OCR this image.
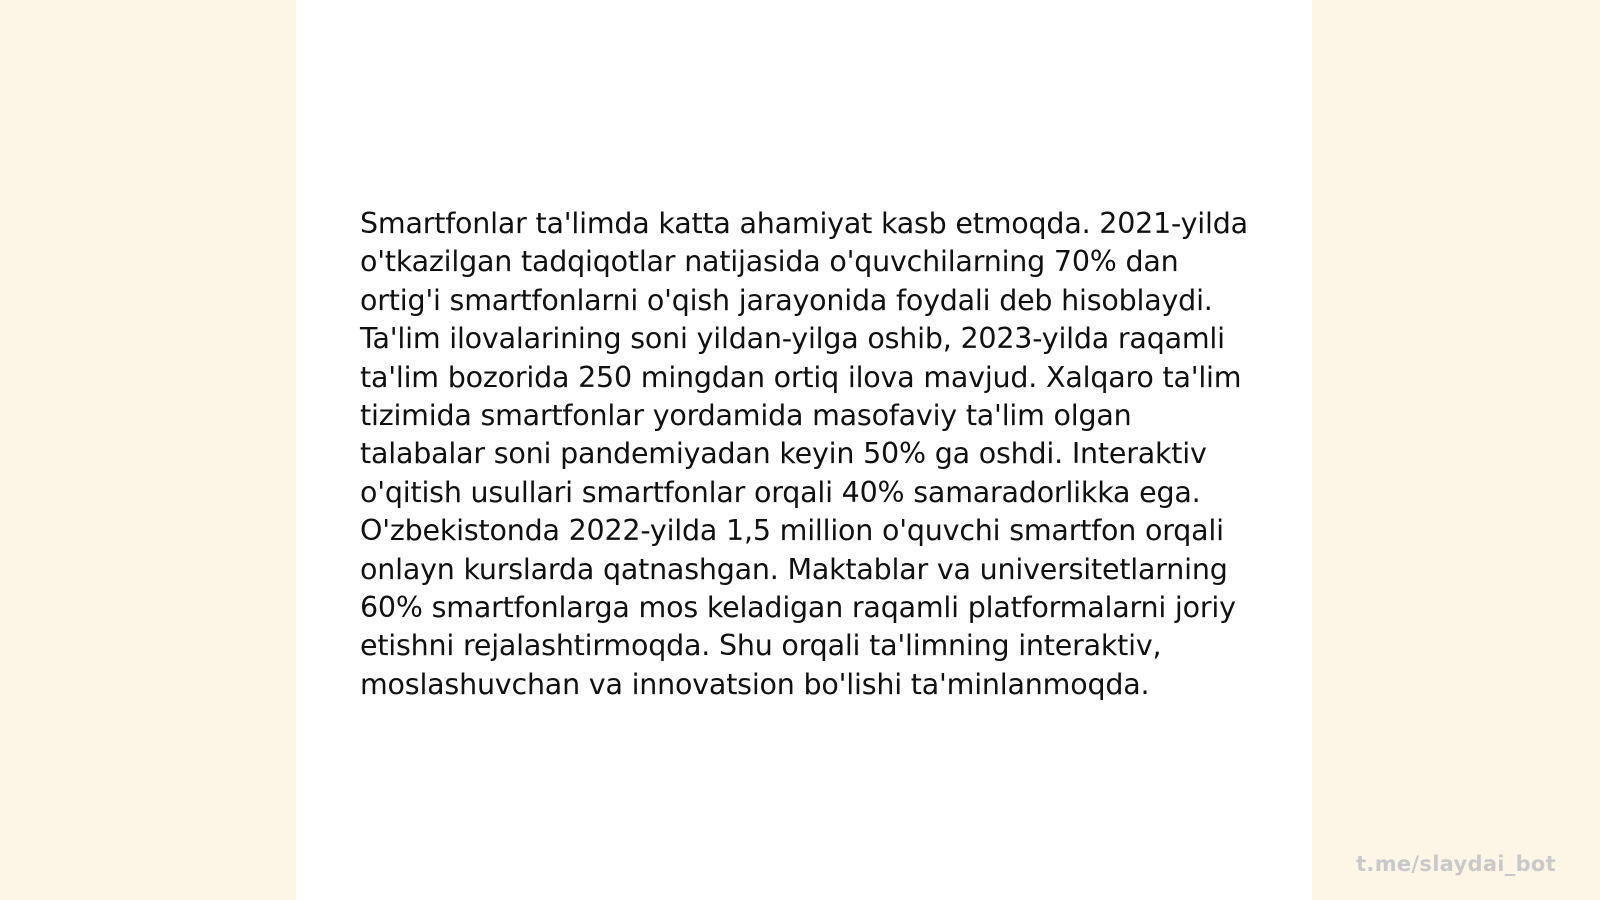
Smartfonlar ta'limda katta ahamiyat kasb etmoqda. 2021-yilda o'tkazilgan tadqiqotlar natijasida o'quvchilarning 70% dan ortig'i smartfonlarni o'qish jarayonida foydali deb hisoblaydi. Ta'lim ilovalarining soni yildan-yilga oshib, 2023-yilda raqamli ta'lim bozorida 250 mingdan ortiq ilova mavjud. Xalqaro ta'lim tizimida smartfonlar yordamida masofaviy ta'lim olgan talabalar soni pandemiyadan keyin 50% ga oshdi. Interaktiv o'qitish usullari smartfonlar orqali 40% samaradorlikka ega. O'zbekistonda 2022-yilda 1,5 million o'quvchi smartfon orqali onlayn kurslarda qatnashgan. Maktablar va universitetlarning 60% smartfonlarga mos keladigan raqamli platformalarni joriy etishni rejalashtirmoqda. Shu orqali ta'limning interaktiv, moslashuvchan va innovatsion bo'lishi ta'minlanmoqda.

t.me/slaydai_bot
